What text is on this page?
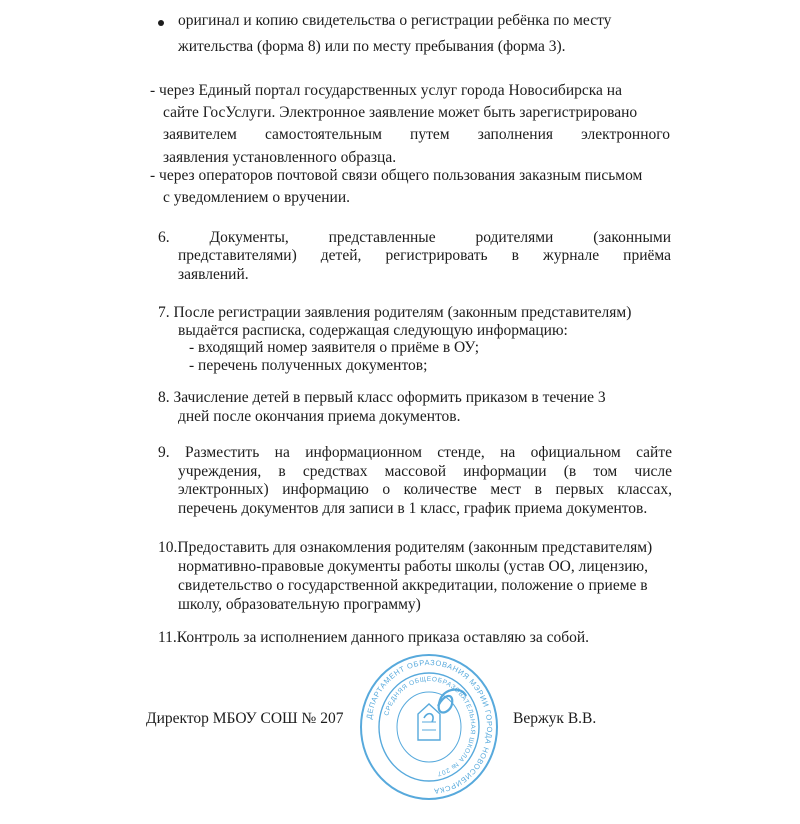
оригинал и копию свидетельства о регистрации ребёнка по месту
жительства (форма 8) или по месту пребывания (форма 3).
- через Единый портал государственных услуг города Новосибирска на
сайте ГосУслуги. Электронное заявление может быть зарегистрировано
заявителем самостоятельным путем заполнения электронного
заявления установленного образца.
- через операторов почтовой связи общего пользования заказным письмом
с уведомлением о вручении.
6. Документы, представленные родителями (законными
представителями) детей, регистрировать в журнале приёма
заявлений.
7. После регистрации заявления родителям (законным представителям)
выдаётся расписка, содержащая следующую информацию:
- входящий номер заявителя о приёме в ОУ;
- перечень полученных документов;
8. Зачисление детей в первый класс оформить приказом в течение 3
дней после окончания приема документов.
9. Разместить на информационном стенде, на официальном сайте
учреждения, в средствах массовой информации (в том числе
электронных) информацию о количестве мест в первых классах,
перечень документов для записи в 1 класс, график приема документов.
10.Предоставить для ознакомления родителям (законным представителям)
нормативно-правовые документы работы школы (устав ОО, лицензию,
свидетельство о государственной аккредитации, положение о приеме в
школу, образовательную программу)
11.Контроль за исполнением данного приказа оставляю за собой.
Директор МБОУ СОШ № 207	Вержук В.В.
ДЕПАРТАМЕНТ ОБРАЗОВАНИЯ МЭРИИ ГОРОДА НОВОСИБИРСКА
СРЕДНЯЯ ОБЩЕОБРАЗОВАТЕЛЬНАЯ ШКОЛА № 207
